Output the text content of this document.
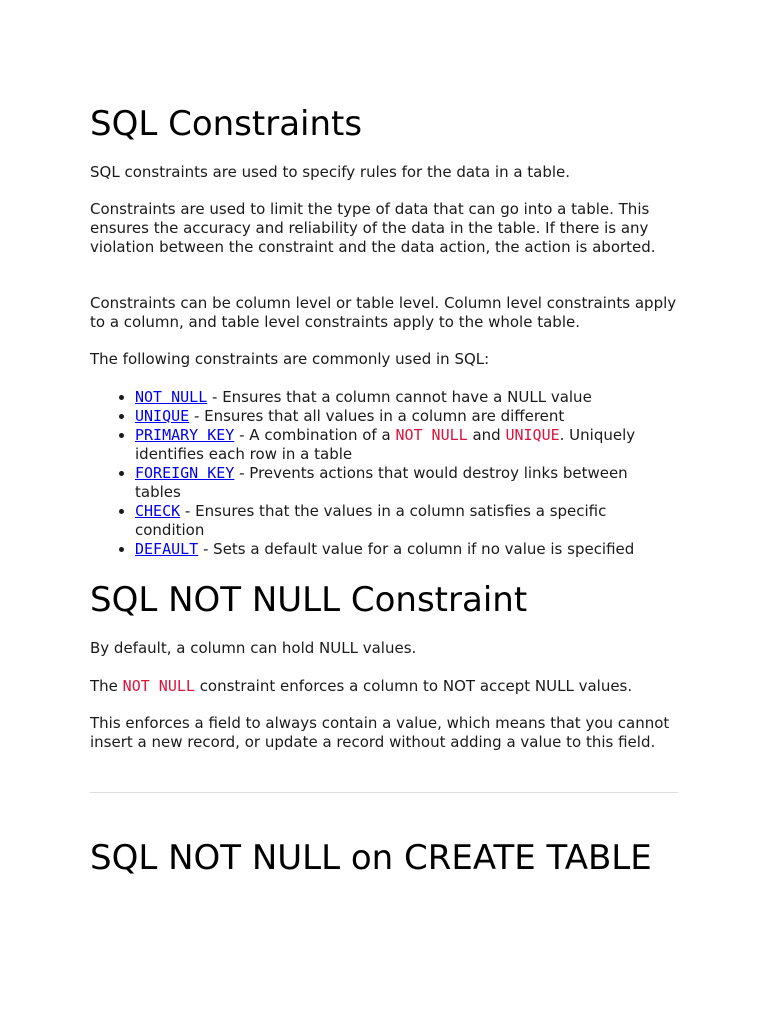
SQL Constraints

SQL constraints are used to specify rules for the data in a table.

Constraints are used to limit the type of data that can go into a table. This ensures the accuracy and reliability of the data in the table. If there is any violation between the constraint and the data action, the action is aborted.

Constraints can be column level or table level. Column level constraints apply to a column, and table level constraints apply to the whole table.

The following constraints are commonly used in SQL:

• NOT NULL - Ensures that a column cannot have a NULL value
• UNIQUE - Ensures that all values in a column are different
• PRIMARY KEY - A combination of a NOT NULL and UNIQUE. Uniquely identifies each row in a table
• FOREIGN KEY - Prevents actions that would destroy links between tables
• CHECK - Ensures that the values in a column satisfies a specific condition
• DEFAULT - Sets a default value for a column if no value is specified
SQL NOT NULL Constraint

By default, a column can hold NULL values.

The NOT NULL constraint enforces a column to NOT accept NULL values.

This enforces a field to always contain a value, which means that you cannot insert a new record, or update a record without adding a value to this field.

SQL NOT NULL on CREATE TABLE
